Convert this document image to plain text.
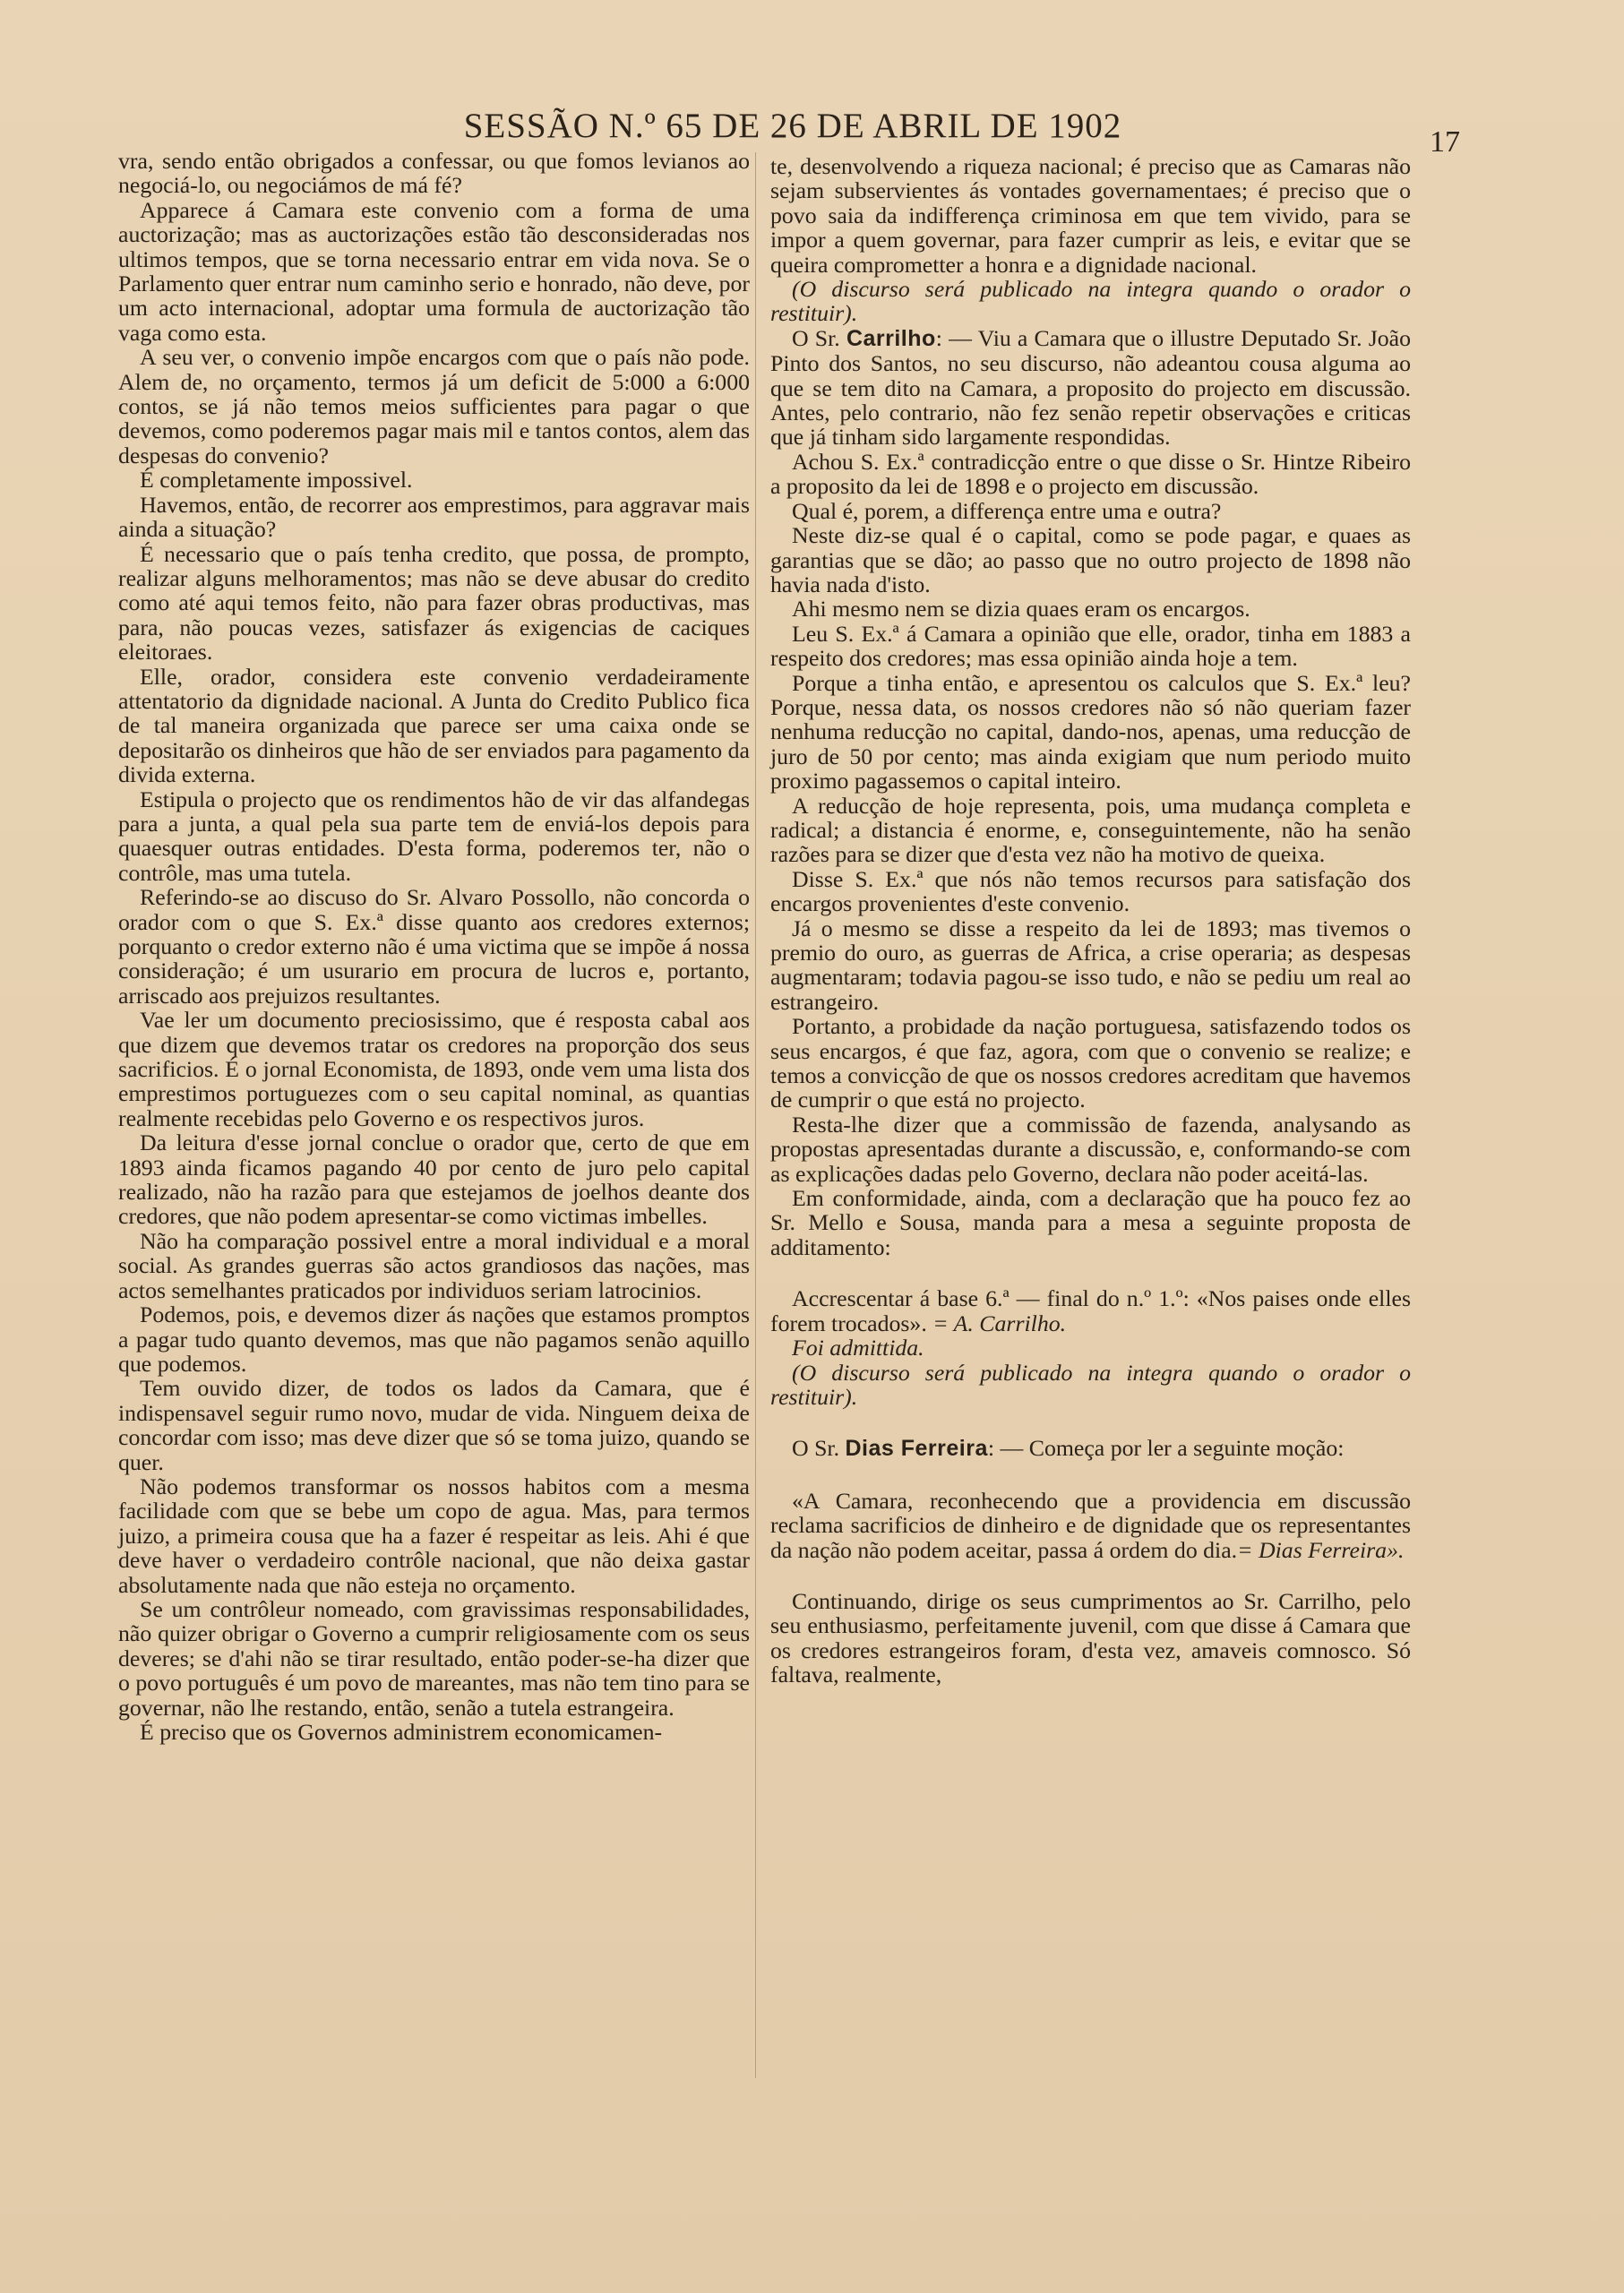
SESSÃO N.º 65 DE 26 DE ABRIL DE 1902	17

vra, sendo então obrigados a confessar, ou que fomos levianos ao negociá-lo, ou negociámos de má fé?

Apparece á Camara este convenio com a forma de uma auctorização; mas as auctorizações estão tão desconsideradas nos ultimos tempos, que se torna necessario entrar em vida nova. Se o Parlamento quer entrar num caminho serio e honrado, não deve, por um acto internacional, adoptar uma formula de auctorização tão vaga como esta.

A seu ver, o convenio impõe encargos com que o país não pode. Alem de, no orçamento, termos já um deficit de 5:000 a 6:000 contos, se já não temos meios sufficientes para pagar o que devemos, como poderemos pagar mais mil e tantos contos, alem das despesas do convenio?

É completamente impossivel.

Havemos, então, de recorrer aos emprestimos, para aggravar mais ainda a situação?

É necessario que o país tenha credito, que possa, de prompto, realizar alguns melhoramentos; mas não se deve abusar do credito como até aqui temos feito, não para fazer obras productivas, mas para, não poucas vezes, satisfazer ás exigencias de caciques eleitoraes.

Elle, orador, considera este convenio verdadeiramente attentatorio da dignidade nacional. A Junta do Credito Publico fica de tal maneira organizada que parece ser uma caixa onde se depositarão os dinheiros que hão de ser enviados para pagamento da divida externa.

Estipula o projecto que os rendimentos hão de vir das alfandegas para a junta, a qual pela sua parte tem de enviá-los depois para quaesquer outras entidades. D'esta forma, poderemos ter, não o contrôle, mas uma tutela.

Referindo-se ao discuso do Sr. Alvaro Possollo, não concorda o orador com o que S. Ex.ª disse quanto aos credores externos; porquanto o credor externo não é uma victima que se impõe á nossa consideração; é um usurario em procura de lucros e, portanto, arriscado aos prejuizos resultantes.

Vae ler um documento preciosissimo, que é resposta cabal aos que dizem que devemos tratar os credores na proporção dos seus sacrificios. É o jornal Economista, de 1893, onde vem uma lista dos emprestimos portuguezes com o seu capital nominal, as quantias realmente recebidas pelo Governo e os respectivos juros.

Da leitura d'esse jornal conclue o orador que, certo de que em 1893 ainda ficamos pagando 40 por cento de juro pelo capital realizado, não ha razão para que estejamos de joelhos deante dos credores, que não podem apresentar-se como victimas imbelles.

Não ha comparação possivel entre a moral individual e a moral social. As grandes guerras são actos grandiosos das nações, mas actos semelhantes praticados por individuos seriam latrocinios.

Podemos, pois, e devemos dizer ás nações que estamos promptos a pagar tudo quanto devemos, mas que não pagamos senão aquillo que podemos.

Tem ouvido dizer, de todos os lados da Camara, que é indispensavel seguir rumo novo, mudar de vida. Ninguem deixa de concordar com isso; mas deve dizer que só se toma juizo, quando se quer.

Não podemos transformar os nossos habitos com a mesma facilidade com que se bebe um copo de agua. Mas, para termos juizo, a primeira cousa que ha a fazer é respeitar as leis. Ahi é que deve haver o verdadeiro contrôle nacional, que não deixa gastar absolutamente nada que não esteja no orçamento.

Se um contrôleur nomeado, com gravissimas responsabilidades, não quizer obrigar o Governo a cumprir religiosamente com os seus deveres; se d'ahi não se tirar resultado, então poder-se-ha dizer que o povo português é um povo de mareantes, mas não tem tino para se governar, não lhe restando, então, senão a tutela estrangeira.

É preciso que os Governos administrem economicamen-

te, desenvolvendo a riqueza nacional; é preciso que as Camaras não sejam subservientes ás vontades governamentaes; é preciso que o povo saia da indifferença criminosa em que tem vivido, para se impor a quem governar, para fazer cumprir as leis, e evitar que se queira comprometter a honra e a dignidade nacional.

(O discurso será publicado na integra quando o orador o restituir).

O Sr. Carrilho: — Viu a Camara que o illustre Deputado Sr. João Pinto dos Santos, no seu discurso, não adeantou cousa alguma ao que se tem dito na Camara, a proposito do projecto em discussão. Antes, pelo contrario, não fez senão repetir observações e criticas que já tinham sido largamente respondidas.

Achou S. Ex.ª contradicção entre o que disse o Sr. Hintze Ribeiro a proposito da lei de 1898 e o projecto em discussão.

Qual é, porem, a differença entre uma e outra?

Neste diz-se qual é o capital, como se pode pagar, e quaes as garantias que se dão; ao passo que no outro projecto de 1898 não havia nada d'isto.

Ahi mesmo nem se dizia quaes eram os encargos.

Leu S. Ex.ª á Camara a opinião que elle, orador, tinha em 1883 a respeito dos credores; mas essa opinião ainda hoje a tem.

Porque a tinha então, e apresentou os calculos que S. Ex.ª leu? Porque, nessa data, os nossos credores não só não queriam fazer nenhuma reducção no capital, dando-nos, apenas, uma reducção de juro de 50 por cento; mas ainda exigiam que num periodo muito proximo pagassemos o capital inteiro.

A reducção de hoje representa, pois, uma mudança completa e radical; a distancia é enorme, e, conseguintemente, não ha senão razões para se dizer que d'esta vez não ha motivo de queixa.

Disse S. Ex.ª que nós não temos recursos para satisfação dos encargos provenientes d'este convenio.

Já o mesmo se disse a respeito da lei de 1893; mas tivemos o premio do ouro, as guerras de Africa, a crise operaria; as despesas augmentaram; todavia pagou-se isso tudo, e não se pediu um real ao estrangeiro.

Portanto, a probidade da nação portuguesa, satisfazendo todos os seus encargos, é que faz, agora, com que o convenio se realize; e temos a convicção de que os nossos credores acreditam que havemos de cumprir o que está no projecto.

Resta-lhe dizer que a commissão de fazenda, analysando as propostas apresentadas durante a discussão, e, conformando-se com as explicações dadas pelo Governo, declara não poder aceitá-las.

Em conformidade, ainda, com a declaração que ha pouco fez ao Sr. Mello e Sousa, manda para a mesa a seguinte proposta de additamento:

Accrescentar á base 6.ª — final do n.º 1.º: «Nos paises onde elles forem trocados». = A. Carrilho.

Foi admittida.

(O discurso será publicado na integra quando o orador o restituir).

O Sr. Dias Ferreira: — Começa por ler a seguinte moção:

«A Camara, reconhecendo que a providencia em discussão reclama sacrificios de dinheiro e de dignidade que os representantes da nação não podem aceitar, passa á ordem do dia.= Dias Ferreira».

Continuando, dirige os seus cumprimentos ao Sr. Carrilho, pelo seu enthusiasmo, perfeitamente juvenil, com que disse á Camara que os credores estrangeiros foram, d'esta vez, amaveis comnosco. Só faltava, realmente,
